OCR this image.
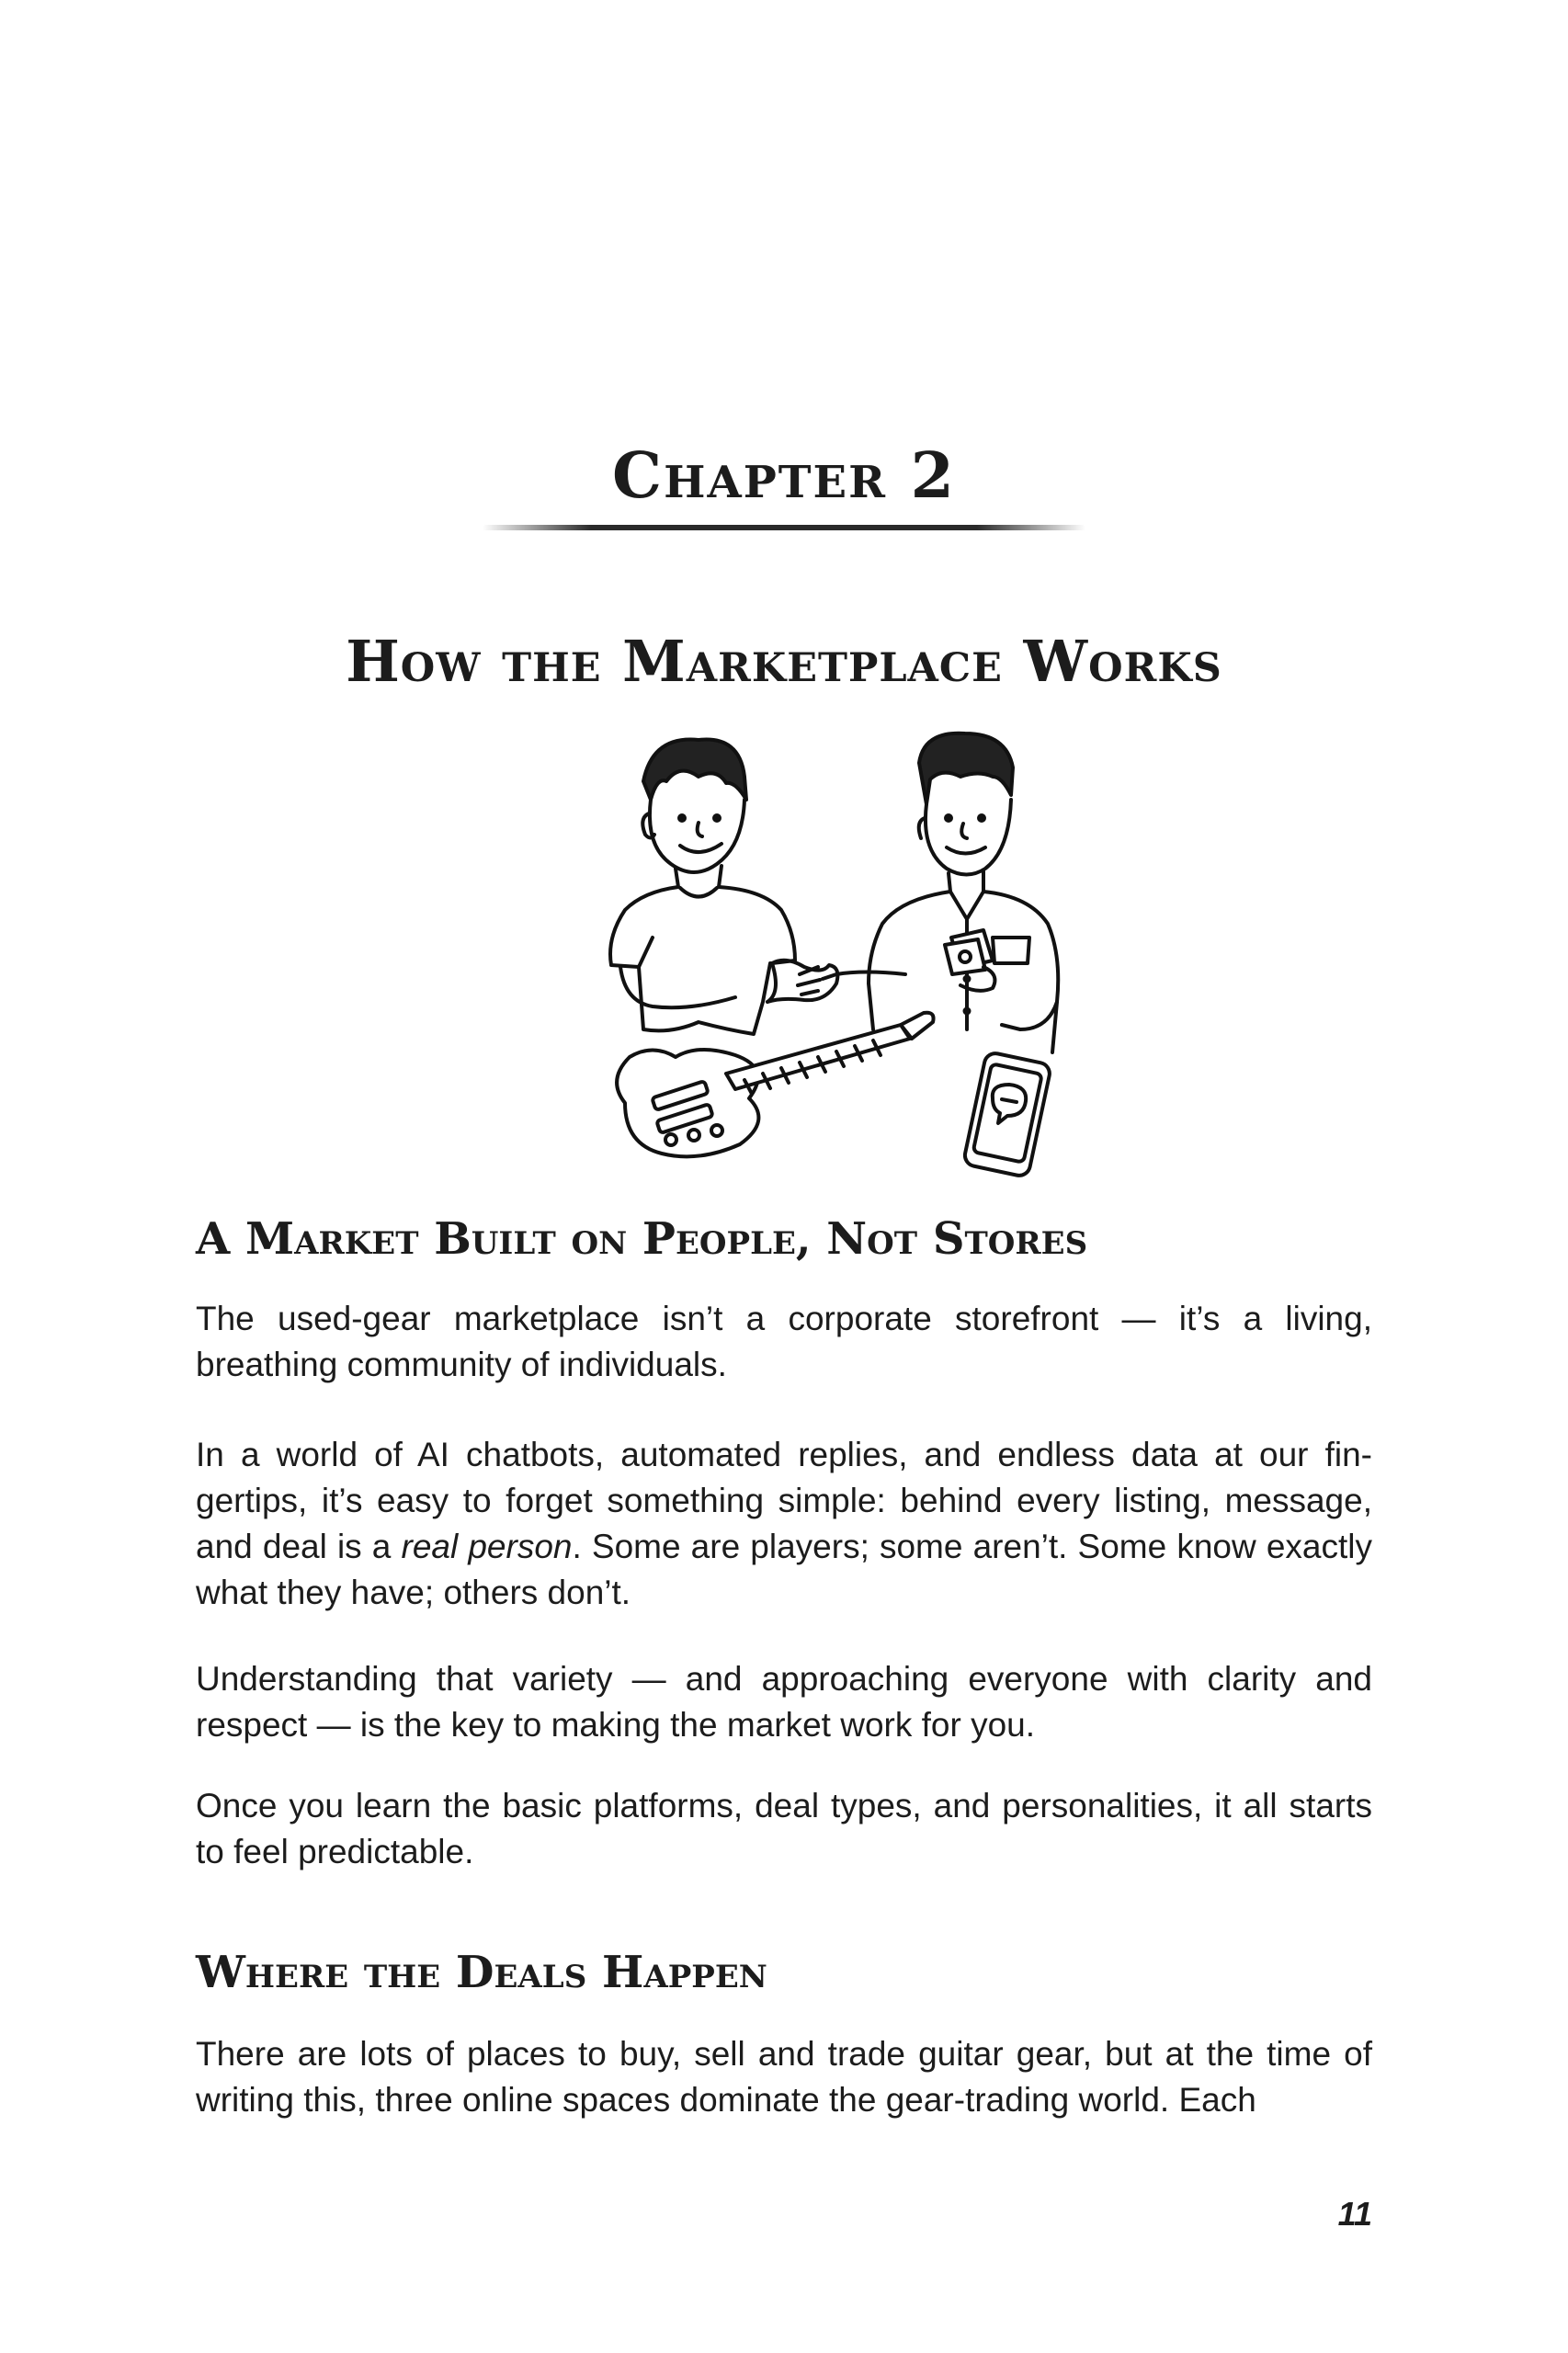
Chapter 2
How the Marketplace Works
A Market Built on People, Not Stores

The used-gear marketplace isn’t a corporate storefront — it’s a living, breathing community of individuals.

In a world of AI chatbots, automated replies, and endless data at our fingertips, it’s easy to forget something simple: behind every listing, message, and deal is a real person. Some are players; some aren’t. Some know exactly what they have; others don’t.

Understanding that variety — and approaching everyone with clarity and respect — is the key to making the market work for you.

Once you learn the basic platforms, deal types, and personalities, it all starts to feel predictable.

Where the Deals Happen

There are lots of places to buy, sell and trade guitar gear, but at the time of writing this, three online spaces dominate the gear-trading world. Each

11
